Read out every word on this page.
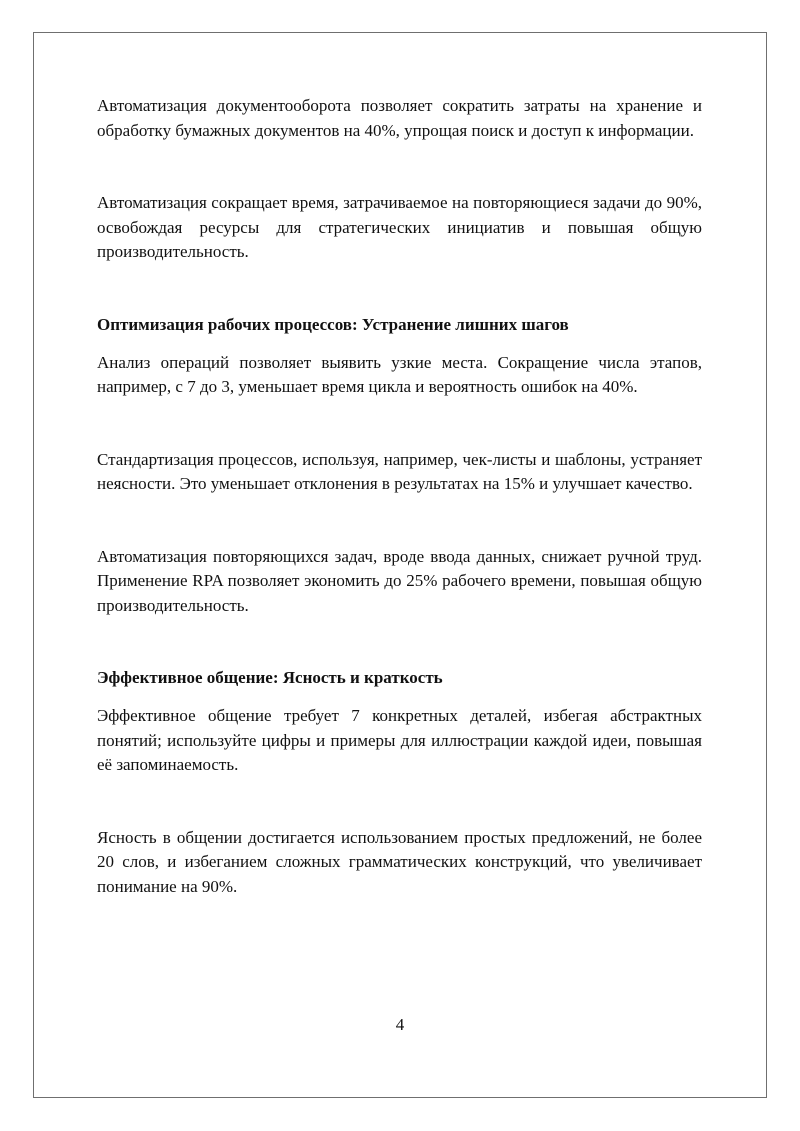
Автоматизация документооборота позволяет сократить затраты на хранение и обработку бумажных документов на 40%, упрощая поиск и доступ к информации.

Автоматизация сокращает время, затрачиваемое на повторяющиеся задачи до 90%, освобождая ресурсы для стратегических инициатив и повышая общую производительность.

Оптимизация рабочих процессов: Устранение лишних шагов

Анализ операций позволяет выявить узкие места. Сокращение числа этапов, например, с 7 до 3, уменьшает время цикла и вероятность ошибок на 40%.

Стандартизация процессов, используя, например, чек-листы и шаблоны, устраняет неясности. Это уменьшает отклонения в результатах на 15% и улучшает качество.

Автоматизация повторяющихся задач, вроде ввода данных, снижает ручной труд. Применение RPA позволяет экономить до 25% рабочего времени, повышая общую производительность.

Эффективное общение: Ясность и краткость

Эффективное общение требует 7 конкретных деталей, избегая абстрактных понятий; используйте цифры и примеры для иллюстрации каждой идеи, повышая её запоминаемость.

Ясность в общении достигается использованием простых предложений, не более 20 слов, и избеганием сложных грамматических конструкций, что увеличивает понимание на 90%.

4
